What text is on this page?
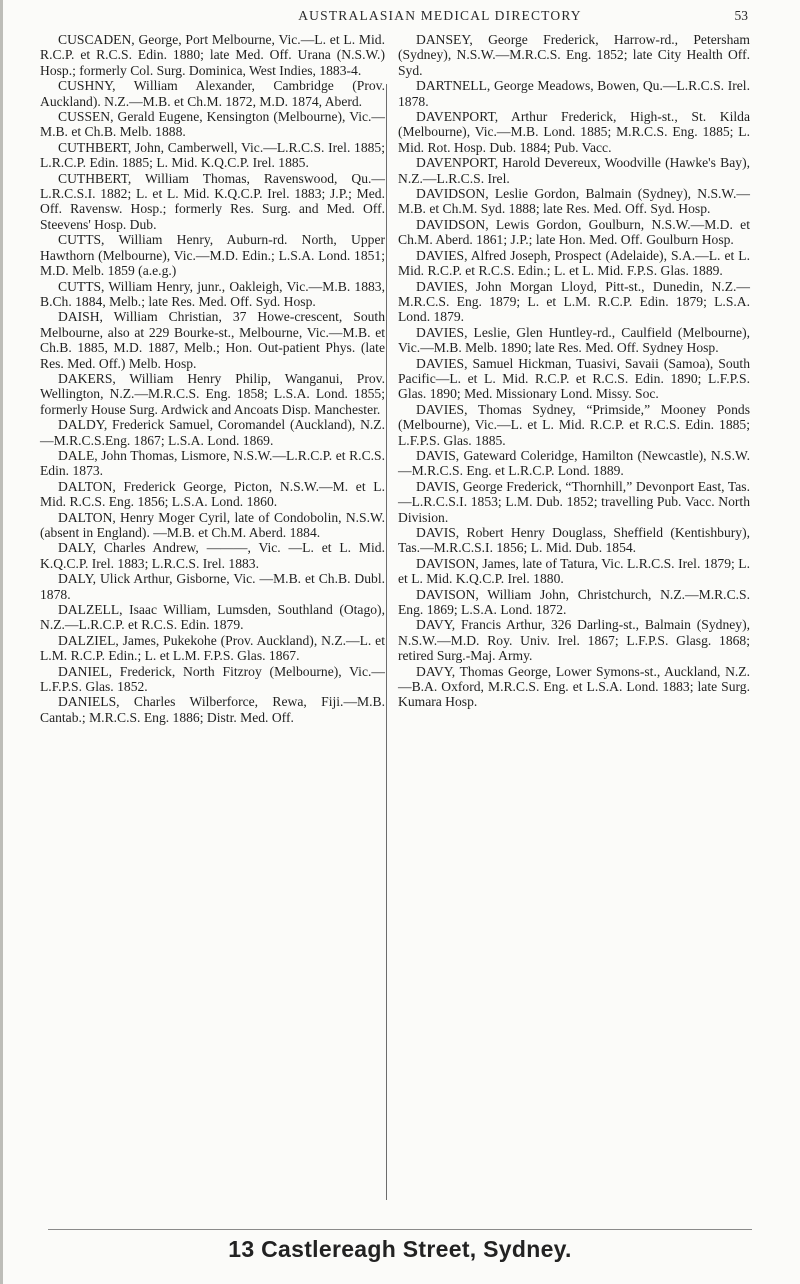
AUSTRALASIAN MEDICAL DIRECTORY	53

CUSCADEN, George, Port Melbourne, Vic.—L. et L. Mid. R.C.P. et R.C.S. Edin. 1880; late Med. Off. Urana (N.S.W.) Hosp.; formerly Col. Surg. Dominica, West Indies, 1883-4.

CUSHNY, William Alexander, Cambridge (Prov. Auckland). N.Z.—M.B. et Ch.M. 1872, M.D. 1874, Aberd.

CUSSEN, Gerald Eugene, Kensington (Melbourne), Vic.—M.B. et Ch.B. Melb. 1888.

CUTHBERT, John, Camberwell, Vic.—L.R.C.S. Irel. 1885; L.R.C.P. Edin. 1885; L. Mid. K.Q.C.P. Irel. 1885.

CUTHBERT, William Thomas, Ravenswood, Qu.—L.R.C.S.I. 1882; L. et L. Mid. K.Q.C.P. Irel. 1883; J.P.; Med. Off. Ravensw. Hosp.; formerly Res. Surg. and Med. Off. Steevens' Hosp. Dub.

CUTTS, William Henry, Auburn-rd. North, Upper Hawthorn (Melbourne), Vic.—M.D. Edin.; L.S.A. Lond. 1851; M.D. Melb. 1859 (a.e.g.)

CUTTS, William Henry, junr., Oakleigh, Vic.—M.B. 1883, B.Ch. 1884, Melb.; late Res. Med. Off. Syd. Hosp.

DAISH, William Christian, 37 Howe-crescent, South Melbourne, also at 229 Bourke-st., Melbourne, Vic.—M.B. et Ch.B. 1885, M.D. 1887, Melb.; Hon. Out-patient Phys. (late Res. Med. Off.) Melb. Hosp.

DAKERS, William Henry Philip, Wanganui, Prov. Wellington, N.Z.—M.R.C.S. Eng. 1858; L.S.A. Lond. 1855; formerly House Surg. Ardwick and Ancoats Disp. Manchester.

DALDY, Frederick Samuel, Coromandel (Auckland), N.Z.—M.R.C.S.Eng. 1867; L.S.A. Lond. 1869.

DALE, John Thomas, Lismore, N.S.W.—L.R.C.P. et R.C.S. Edin. 1873.

DALTON, Frederick George, Picton, N.S.W.—M. et L. Mid. R.C.S. Eng. 1856; L.S.A. Lond. 1860.

DALTON, Henry Moger Cyril, late of Condobolin, N.S.W. (absent in England). —M.B. et Ch.M. Aberd. 1884.

DALY, Charles Andrew, ———, Vic. —L. et L. Mid. K.Q.C.P. Irel. 1883; L.R.C.S. Irel. 1883.

DALY, Ulick Arthur, Gisborne, Vic. —M.B. et Ch.B. Dubl. 1878.

DALZELL, Isaac William, Lumsden, Southland (Otago), N.Z.—L.R.C.P. et R.C.S. Edin. 1879.

DALZIEL, James, Pukekohe (Prov. Auckland), N.Z.—L. et L.M. R.C.P. Edin.; L. et L.M. F.P.S. Glas. 1867.

DANIEL, Frederick, North Fitzroy (Melbourne), Vic.—L.F.P.S. Glas. 1852.

DANIELS, Charles Wilberforce, Rewa, Fiji.—M.B. Cantab.; M.R.C.S. Eng. 1886; Distr. Med. Off.

DANSEY, George Frederick, Harrow-rd., Petersham (Sydney), N.S.W.—M.R.C.S. Eng. 1852; late City Health Off. Syd.

DARTNELL, George Meadows, Bowen, Qu.—L.R.C.S. Irel. 1878.

DAVENPORT, Arthur Frederick, High-st., St. Kilda (Melbourne), Vic.—M.B. Lond. 1885; M.R.C.S. Eng. 1885; L. Mid. Rot. Hosp. Dub. 1884; Pub. Vacc.

DAVENPORT, Harold Devereux, Woodville (Hawke's Bay), N.Z.—L.R.C.S. Irel.

DAVIDSON, Leslie Gordon, Balmain (Sydney), N.S.W.—M.B. et Ch.M. Syd. 1888; late Res. Med. Off. Syd. Hosp.

DAVIDSON, Lewis Gordon, Goulburn, N.S.W.—M.D. et Ch.M. Aberd. 1861; J.P.; late Hon. Med. Off. Goulburn Hosp.

DAVIES, Alfred Joseph, Prospect (Adelaide), S.A.—L. et L. Mid. R.C.P. et R.C.S. Edin.; L. et L. Mid. F.P.S. Glas. 1889.

DAVIES, John Morgan Lloyd, Pitt-st., Dunedin, N.Z.—M.R.C.S. Eng. 1879; L. et L.M. R.C.P. Edin. 1879; L.S.A. Lond. 1879.

DAVIES, Leslie, Glen Huntley-rd., Caulfield (Melbourne), Vic.—M.B. Melb. 1890; late Res. Med. Off. Sydney Hosp.

DAVIES, Samuel Hickman, Tuasivi, Savaii (Samoa), South Pacific—L. et L. Mid. R.C.P. et R.C.S. Edin. 1890; L.F.P.S. Glas. 1890; Med. Missionary Lond. Missy. Soc.

DAVIES, Thomas Sydney, “Primside,” Mooney Ponds (Melbourne), Vic.—L. et L. Mid. R.C.P. et R.C.S. Edin. 1885; L.F.P.S. Glas. 1885.

DAVIS, Gateward Coleridge, Hamilton (Newcastle), N.S.W.—M.R.C.S. Eng. et L.R.C.P. Lond. 1889.

DAVIS, George Frederick, “Thornhill,” Devonport East, Tas.—L.R.C.S.I. 1853; L.M. Dub. 1852; travelling Pub. Vacc. North Division.

DAVIS, Robert Henry Douglass, Sheffield (Kentishbury), Tas.—M.R.C.S.I. 1856; L. Mid. Dub. 1854.

DAVISON, James, late of Tatura, Vic. L.R.C.S. Irel. 1879; L. et L. Mid. K.Q.C.P. Irel. 1880.

DAVISON, William John, Christchurch, N.Z.—M.R.C.S. Eng. 1869; L.S.A. Lond. 1872.

DAVY, Francis Arthur, 326 Darling-st., Balmain (Sydney), N.S.W.—M.D. Roy. Univ. Irel. 1867; L.F.P.S. Glasg. 1868; retired Surg.-Maj. Army.

DAVY, Thomas George, Lower Symons-st., Auckland, N.Z.—B.A. Oxford, M.R.C.S. Eng. et L.S.A. Lond. 1883; late Surg. Kumara Hosp.

13 Castlereagh Street, Sydney.
